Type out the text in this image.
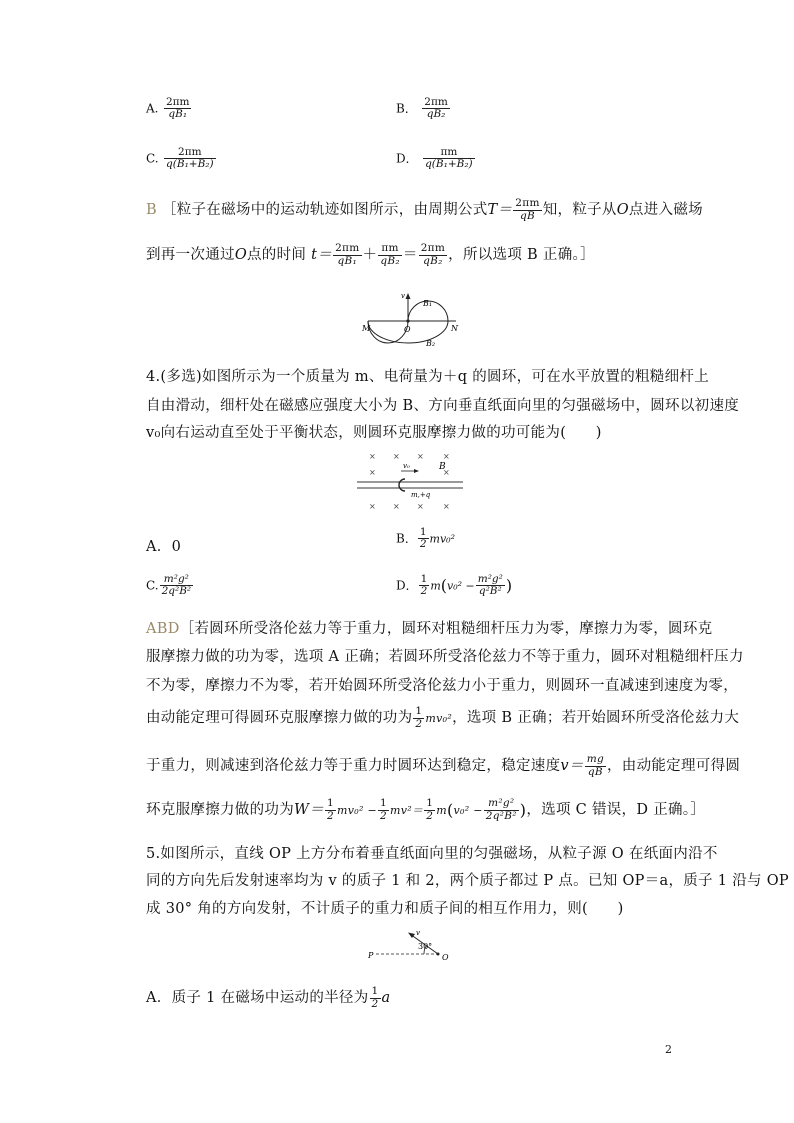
A. $\frac{2\pi m}{\text{qB₁}}$	B． $\frac{2\pi m}{\text{qB₂}}$
C. $\frac{2\pi m}{\text{q(B₁+B₂)}}$	D． $\frac{\pi m}{\text{q(B₁+B₂)}}$
B ［粒子在磁场中的运动轨迹如图所示，由周期公式$T= \frac{2\pi m}{qB}$ 知，粒子从O点进入磁场
到再一次通过O点的时间 $t= \frac{2\pi m}{\text{qB₁}} + \frac{\pi m}{\text{qB₂}} = \frac{2\pi m}{\text{qB₂}}$ ，所以选项 B 正确。］
v
B₁
B₂
M	O	N
4.(多选)如图所示为一个质量为 m、电荷量为＋q 的圆环，可在水平放置的粗糙细杆上
自由滑动，细杆处在磁感应强度大小为 B、方向垂直纸面向里的匀强磁场中，圆环以初速度
v₀向右运动直至处于平衡状态，则圆环克服摩擦力做的功可能为(　　)
× × × ×
× × × ×
×	×
v₀	B
m,+q
A．0
B． $\frac{1}{2} mv_0^2$
C. $\frac{\text{m²g²}}{\text{2q²B²}}$	D． $\frac{1}{2} m(v_0^2 - \frac{\text{m²g²}}{\text{q²B²}}$ )
ABD［若圆环所受洛伦兹力等于重力，圆环对粗糙细杆压力为零，摩擦力为零，圆环克
服摩擦力做的功为零，选项 A 正确；若圆环所受洛伦兹力不等于重力，圆环对粗糙细杆压力
不为零，摩擦力不为零，若开始圆环所受洛伦兹力小于重力，则圆环一直减速到速度为零，
由动能定理可得圆环克服摩擦力做的功为 $\frac{1}{2} mv_0^2$，选项 B 正确；若开始圆环所受洛伦兹力大
于重力，则减速到洛伦兹力等于重力时圆环达到稳定，稳定速度$v= \frac{mg}{qB}$ ，由动能定理可得圆
环克服摩擦力做的功为$W= \frac{1}{2} mv_0^2 - \frac{1}{2} mv^2= \frac{1}{2} m(v_0^2 - \frac{\text{m²g²}}{\text{2q²B²}}$ )，选项 C 错误，D 正确。］
5.如图所示，直线 OP 上方分布着垂直纸面向里的匀强磁场，从粒子源 O 在纸面内沿不
同的方向先后发射速率均为 v 的质子 1 和 2，两个质子都过 P 点。已知 OP＝a，质子 1 沿与 OP
成 30° 角的方向发射，不计质子的重力和质子间的相互作用力，则(　　)
v
30°
P	O
A．质子 1 在磁场中运动的半径为 $\frac{1}{2}$ a
2
